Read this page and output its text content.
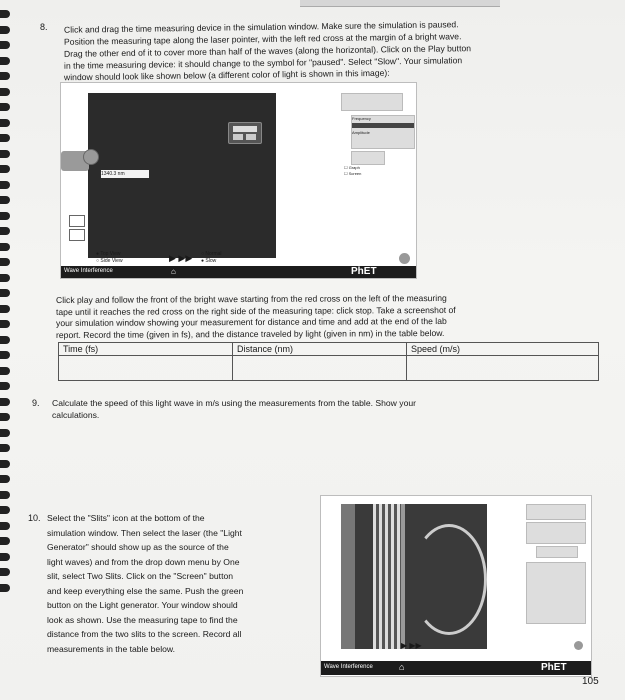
8. Click and drag the time measuring device in the simulation window. Make sure the simulation is paused.
Position the measuring tape along the laser pointer, with the left red cross at the margin of a bright wave.
Drag the other end of it to cover more than half of the waves (along the horizontal). Click on the Play button
in the time measuring device: it should change to the symbol for "paused". Select "Slow". Your simulation
window should look like shown below (a different color of light is shown in this image):
1340.3 nm
● Top View
○ Side View	▶ ▶▶ ○ Normal
● Slow
Frequency
Amplitude
☐ Graph
☐ Screen
Wave Interference	⌂	PhET
Click play and follow the front of the bright wave starting from the red cross on the left of the measuring
tape until it reaches the red cross on the right side of the measuring tape: click stop. Take a screenshot of
your simulation window showing your measurement for distance and time and add at the end of the lab
report. Record the time (given in fs), and the distance traveled by light (given in nm) in the table below.
Time (fs)	Distance (nm)	Speed (m/s)

9. Calculate the speed of this light wave in m/s using the measurements from the table. Show your
calculations.
10. Select the "Slits" icon at the bottom of the
simulation window. Then select the laser (the "Light
Generator" should show up as the source of the
light waves) and from the drop down menu by One
slit, select Two Slits. Click on the "Screen" button
and keep everything else the same. Push the green
button on the Light generator. Your window should
look as shown. Use the measuring tape to find the
distance from the two slits to the screen. Record all
measurements in the table below.	▶ ▶▶
Wave Interference	⌂	PhET
105
